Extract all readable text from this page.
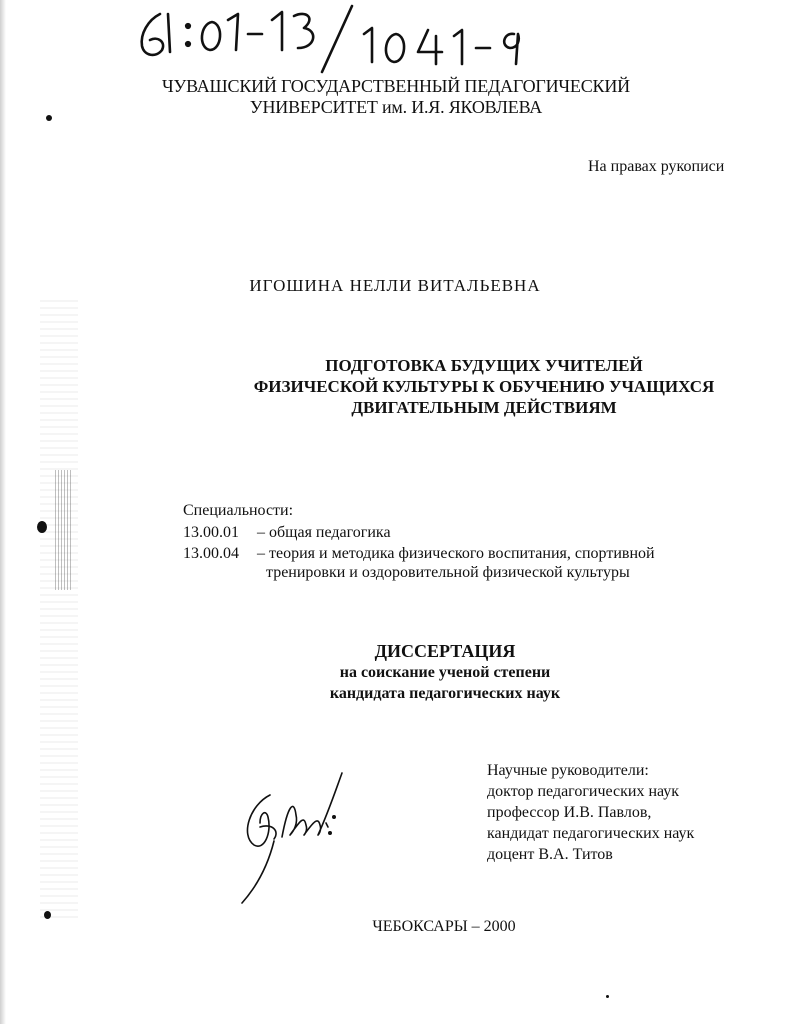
ЧУВАШСКИЙ ГОСУДАРСТВЕННЫЙ ПЕДАГОГИЧЕСКИЙ
УНИВЕРСИТЕТ им. И.Я. ЯКОВЛЕВА
На правах рукописи
ИГОШИНА НЕЛЛИ ВИТАЛЬЕВНА
ПОДГОТОВКА БУДУЩИХ УЧИТЕЛЕЙ
ФИЗИЧЕСКОЙ КУЛЬТУРЫ К ОБУЧЕНИЮ УЧАЩИХСЯ
ДВИГАТЕЛЬНЫМ ДЕЙСТВИЯМ
Специальности:
13.00.01 – общая педагогика
13.00.04 – теория и методика физического воспитания, спортивной
тренировки и оздоровительной физической культуры
ДИССЕРТАЦИЯ
на соискание ученой степени
кандидата педагогических наук
Научные руководители:
доктор педагогических наук
профессор И.В. Павлов,
кандидат педагогических наук
доцент В.А. Титов
ЧЕБОКСАРЫ – 2000
